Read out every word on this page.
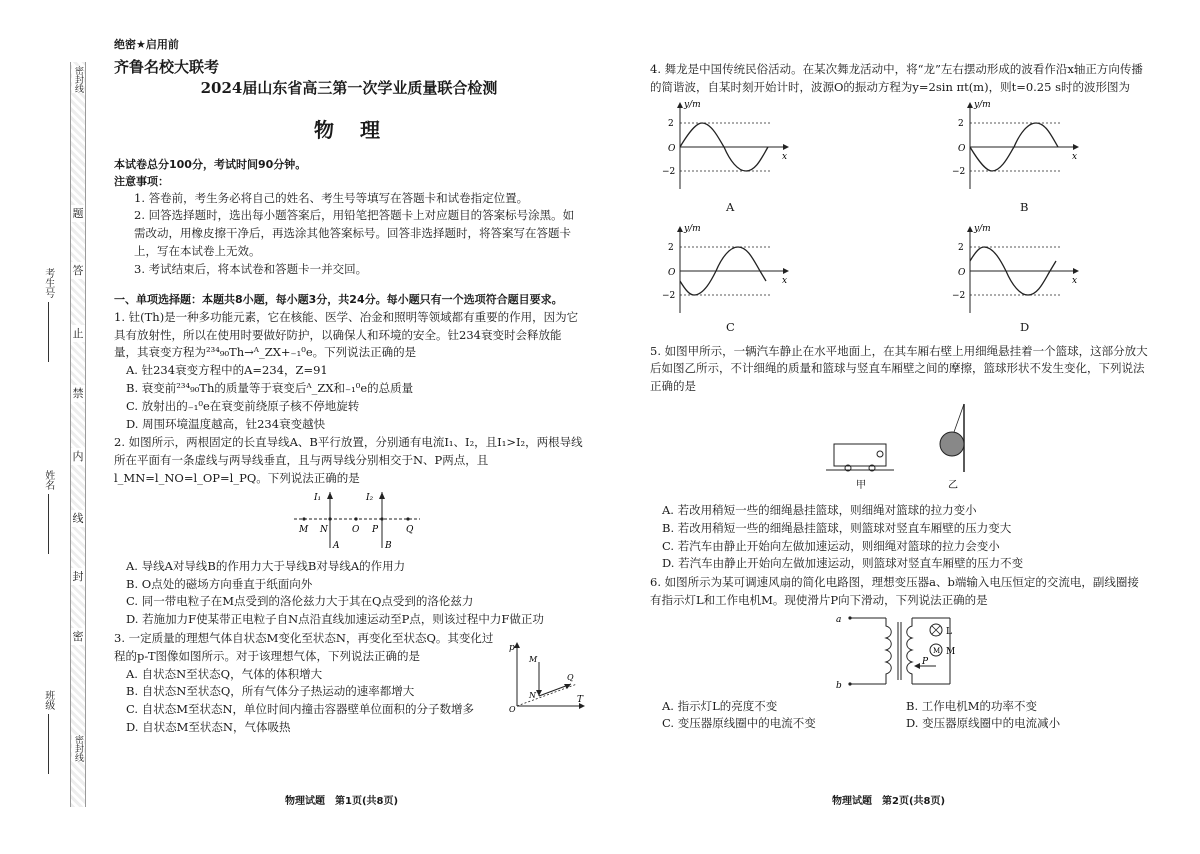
密封线
题
答
止
禁
内
线
封
密
密封线
考生号
姓名
班级
绝密★启用前
齐鲁名校大联考
2024届山东省高三第一次学业质量联合检测
物理
本试卷总分100分，考试时间90分钟。
注意事项：
1. 答卷前，考生务必将自己的姓名、考生号等填写在答题卡和试卷指定位置。
2. 回答选择题时，选出每小题答案后，用铅笔把答题卡上对应题目的答案标号涂黑。如需改动，用橡皮擦干净后，再选涂其他答案标号。回答非选择题时，将答案写在答题卡上，写在本试卷上无效。
3. 考试结束后，将本试卷和答题卡一并交回。
一、单项选择题：本题共8小题，每小题3分，共24分。每小题只有一个选项符合题目要求。
1. 钍(Th)是一种多功能元素，它在核能、医学、冶金和照明等领域都有重要的作用，因为它具有放射性，所以在使用时要做好防护，以确保人和环境的安全。钍234衰变时会释放能量，其衰变方程为²³⁴₉₀Th→ᴬ_ZX+₋₁⁰e。下列说法正确的是
A. 钍234衰变方程中的A=234，Z=91
B. 衰变前²³⁴₉₀Th的质量等于衰变后ᴬ_ZX和₋₁⁰e的总质量
C. 放射出的₋₁⁰e在衰变前绕原子核不停地旋转
D. 周围环境温度越高，钍234衰变越快
2. 如图所示，两根固定的长直导线A、B平行放置，分别通有电流I₁、I₂，且I₁>I₂，两根导线所在平面有一条虚线与两导线垂直，且与两导线分别相交于N、P两点，且l_MN=l_NO=l_OP=l_PQ。下列说法正确的是
I₁	I₂
M N	O P	Q
A	B
A. 导线A对导线B的作用力大于导线B对导线A的作用力
B. O点处的磁场方向垂直于纸面向外
C. 同一带电粒子在M点受到的洛伦兹力大于其在Q点受到的洛伦兹力
D. 若施加力F使某带正电粒子自N点沿直线加速运动至P点，则该过程中力F做正功
3. 一定质量的理想气体自状态M变化至状态N，再变化至状态Q。其变化过程的p-T图像如图所示。对于该理想气体，下列说法正确的是
A. 自状态N至状态Q，气体的体积增大
B. 自状态N至状态Q，所有气体分子热运动的速率都增大
C. 自状态M至状态N，单位时间内撞击容器壁单位面积的分子数增多
D. 自状态M至状态N，气体吸热
p
M
Q
N
O
T
物理试题　第1页(共8页)
4. 舞龙是中国传统民俗活动。在某次舞龙活动中，将“龙”左右摆动形成的波看作沿x轴正方向传播的简谐波，自某时刻开始计时，波源O的振动方程为y=2sin πt(m)，则t=0.25 s时的波形图为
y/m
2
−2
O
x
A
y/m
2
−2
O
x
B
y/m
2
−2
O
x
C
y/m
2
−2
O
x
D
5. 如图甲所示，一辆汽车静止在水平地面上，在其车厢右壁上用细绳悬挂着一个篮球，这部分放大后如图乙所示，不计细绳的质量和篮球与竖直车厢壁之间的摩擦，篮球形状不发生变化，下列说法正确的是
甲	乙
A. 若改用稍短一些的细绳悬挂篮球，则细绳对篮球的拉力变小
B. 若改用稍短一些的细绳悬挂篮球，则篮球对竖直车厢壁的压力变大
C. 若汽车由静止开始向左做加速运动，则细绳对篮球的拉力会变小
D. 若汽车由静止开始向左做加速运动，则篮球对竖直车厢壁的压力不变
6. 如图所示为某可调速风扇的简化电路图，理想变压器a、b端输入电压恒定的交流电，副线圈接有指示灯L和工作电机M。现使滑片P向下滑动，下列说法正确的是
M
a
b
L
M
P
A. 指示灯L的亮度不变	B. 工作电机M的功率不变
C. 变压器原线圈中的电流不变	D. 变压器原线圈中的电流减小
物理试题　第2页(共8页)
